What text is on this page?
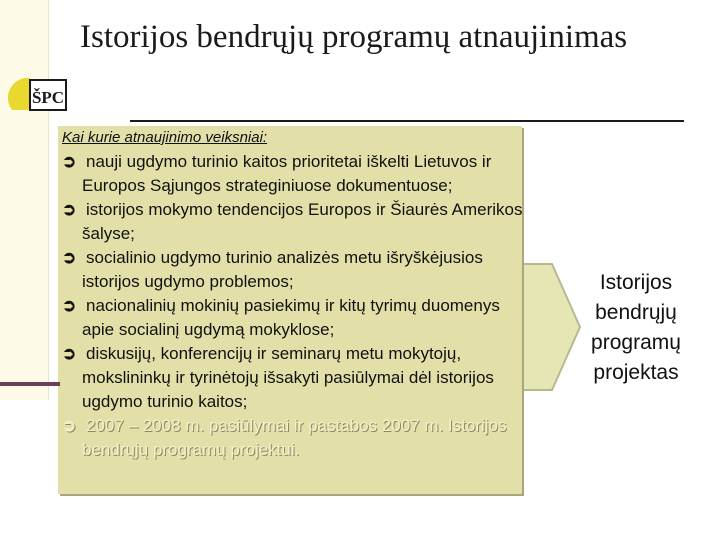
ŠPC
Istorijos bendrųjų programų atnaujinimas
Kai kurie atnaujinimo veiksniai:
➲ nauji ugdymo turinio kaitos prioritetai iškelti Lietuvos ir Europos Sąjungos strateginiuose dokumentuose;
➲ istorijos mokymo tendencijos Europos ir Šiaurės Amerikos šalyse;
➲ socialinio ugdymo turinio analizės metu išryškėjusios istorijos ugdymo problemos;
➲ nacionalinių mokinių pasiekimų ir kitų tyrimų duomenys apie socialinį ugdymą mokyklose;
➲ diskusijų, konferencijų ir seminarų metu mokytojų, mokslininkų ir tyrinėtojų išsakyti pasiūlymai dėl istorijos ugdymo turinio kaitos;
➲ 2007 – 2008 m. pasiūlymai ir pastabos 2007 m. Istorijos bendrųjų programų projektui.
Istorijos bendrųjų programų projektas
